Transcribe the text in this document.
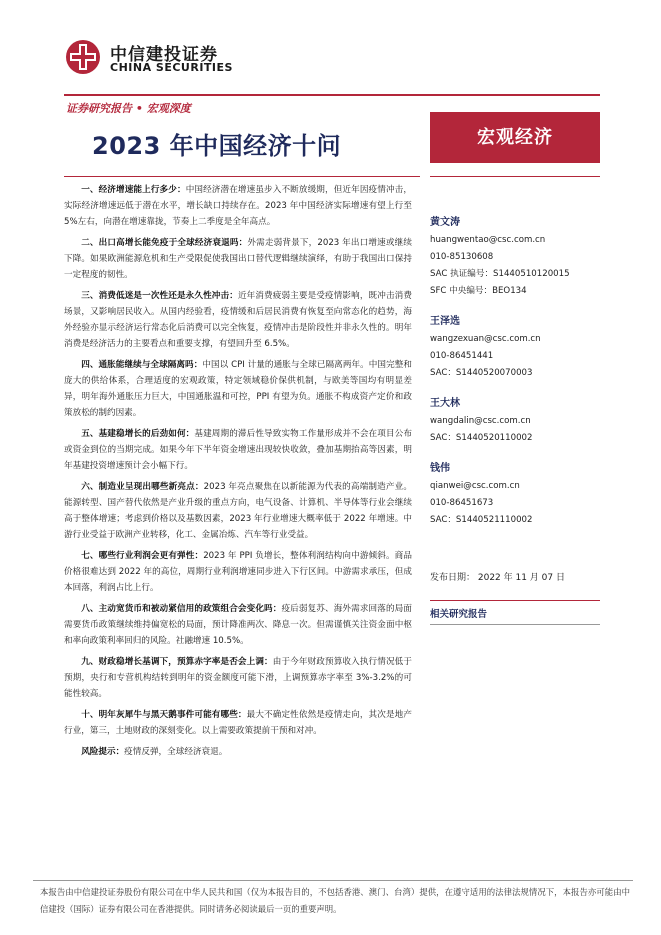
中信建投证券
CHINA SECURITIES
证券研究报告 • 宏观深度
2023 年中国经济十问	宏观经济

一、经济增速能上行多少：中国经济潜在增速虽步入不断放缓期，但近年因疫情冲击，实际经济增速远低于潜在水平，增长缺口持续存在。2023 年中国经济实际增速有望上行至 5%左右，向潜在增速靠拢，节奏上二季度是全年高点。

二、出口高增长能免疫于全球经济衰退吗：外需走弱背景下，2023 年出口增速或继续下降。如果欧洲能源危机和生产受限促使我国出口替代逻辑继续演绎，有助于我国出口保持一定程度的韧性。

三、消费低迷是一次性还是永久性冲击：近年消费疲弱主要是受疫情影响，既冲击消费场景，又影响居民收入。从国内经验看，疫情缓和后居民消费有恢复至向常态化的趋势，海外经验亦显示经济运行常态化后消费可以完全恢复，疫情冲击是阶段性并非永久性的。明年消费是经济活力的主要看点和重要支撑，有望回升至 6.5%。

四、通胀能继续与全球隔离吗：中国以 CPI 计量的通胀与全球已隔离两年。中国完整和庞大的供给体系，合理适度的宏观政策，特定领域稳价保供机制，与欧美等国均有明显差异，明年海外通胀压力巨大，中国通胀温和可控，PPI 有望为负。通胀不构成资产定价和政策放松的制约因素。

五、基建稳增长的后劲如何：基建周期的滞后性导致实物工作量形成并不会在项目公布或资金到位的当期完成。如果今年下半年资金增速出现较快收敛，叠加基期抬高等因素，明年基建投资增速预计会小幅下行。

六、制造业呈现出哪些新亮点：2023 年亮点聚焦在以新能源为代表的高端制造产业。能源转型、国产替代依然是产业升级的重点方向，电气设备、计算机、半导体等行业会继续高于整体增速；考虑到价格以及基数因素，2023 年行业增速大概率低于 2022 年增速。中游行业受益于欧洲产业转移，化工、金属冶炼、汽车等行业受益。

七、哪些行业利润会更有弹性：2023 年 PPI 负增长，整体利润结构向中游倾斜。商品价格很难达到 2022 年的高位，周期行业利润增速同步进入下行区间。中游需求承压，但成本回落，利润占比上行。

八、主动宽货币和被动紧信用的政策组合会变化吗：疫后弱复苏、海外需求回落的局面需要货币政策继续维持偏宽松的局面，预计降准两次、降息一次。但需谨慎关注资金面中枢和率向政策利率回归的风险。社融增速 10.5%。

九、财政稳增长基调下，预算赤字率是否会上调：由于今年财政预算收入执行情况低于预期，央行和专营机构结转到明年的资金额度可能下滑，上调预算赤字率至 3%-3.2%的可能性较高。

十、明年灰犀牛与黑天鹅事件可能有哪些：最大不确定性依然是疫情走向，其次是地产行业，第三，土地财政的深刻变化。以上需要政策提前干预和对冲。

风险提示：疫情反弹，全球经济衰退。

黄文涛
huangwentao@csc.com.cn
010-85130608
SAC 执证编号：S1440510120015
SFC 中央编号：BEO134
王泽选
wangzexuan@csc.com.cn
010-86451441
SAC：S1440520070003
王大林
wangdalin@csc.com.cn
SAC：S1440520110002
钱伟
qianwei@csc.com.cn
010-86451673
SAC：S1440521110002
发布日期： 2022 年 11 月 07 日
相关研究报告
本报告由中信建投证券股份有限公司在中华人民共和国（仅为本报告目的，不包括香港、澳门、台湾）提供，在遵守适用的法律法规情况下，本报告亦可能由中信建投（国际）证券有限公司在香港提供。同时请务必阅读最后一页的重要声明。
